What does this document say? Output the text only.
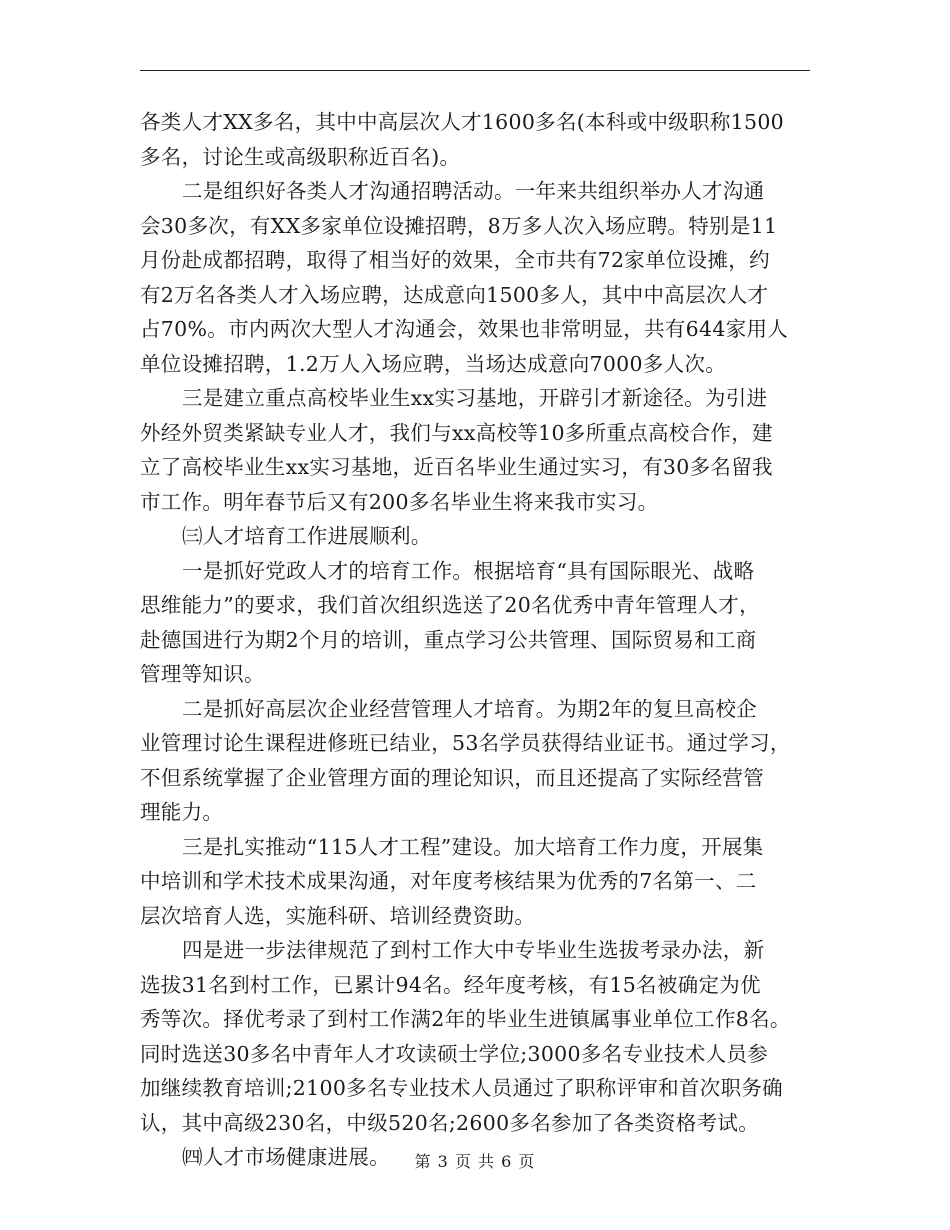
各类人才XX多名，其中中高层次人才1600多名(本科或中级职称1500
多名，讨论生或高级职称近百名)。
二是组织好各类人才沟通招聘活动。一年来共组织举办人才沟通
会30多次，有XX多家单位设摊招聘，8万多人次入场应聘。特别是11
月份赴成都招聘，取得了相当好的效果，全市共有72家单位设摊，约
有2万名各类人才入场应聘，达成意向1500多人，其中中高层次人才
占70%。市内两次大型人才沟通会，效果也非常明显，共有644家用人
单位设摊招聘，1.2万人入场应聘，当场达成意向7000多人次。
三是建立重点高校毕业生xx实习基地，开辟引才新途径。为引进
外经外贸类紧缺专业人才，我们与xx高校等10多所重点高校合作，建
立了高校毕业生xx实习基地，近百名毕业生通过实习，有30多名留我
市工作。明年春节后又有200多名毕业生将来我市实习。
㈢人才培育工作进展顺利。
一是抓好党政人才的培育工作。根据培育“具有国际眼光、战略
思维能力”的要求，我们首次组织选送了20名优秀中青年管理人才，
赴德国进行为期2个月的培训，重点学习公共管理、国际贸易和工商
管理等知识。
二是抓好高层次企业经营管理人才培育。为期2年的复旦高校企
业管理讨论生课程进修班已结业，53名学员获得结业证书。通过学习，
不但系统掌握了企业管理方面的理论知识，而且还提高了实际经营管
理能力。
三是扎实推动“115人才工程”建设。加大培育工作力度，开展集
中培训和学术技术成果沟通，对年度考核结果为优秀的7名第一、二
层次培育人选，实施科研、培训经费资助。
四是进一步法律规范了到村工作大中专毕业生选拔考录办法，新
选拔31名到村工作，已累计94名。经年度考核，有15名被确定为优
秀等次。择优考录了到村工作满2年的毕业生进镇属事业单位工作8名。
同时选送30多名中青年人才攻读硕士学位;3000多名专业技术人员参
加继续教育培训;2100多名专业技术人员通过了职称评审和首次职务确
认，其中高级230名，中级520名;2600多名参加了各类资格考试。
㈣人才市场健康进展。	第 3 页 共 6 页
